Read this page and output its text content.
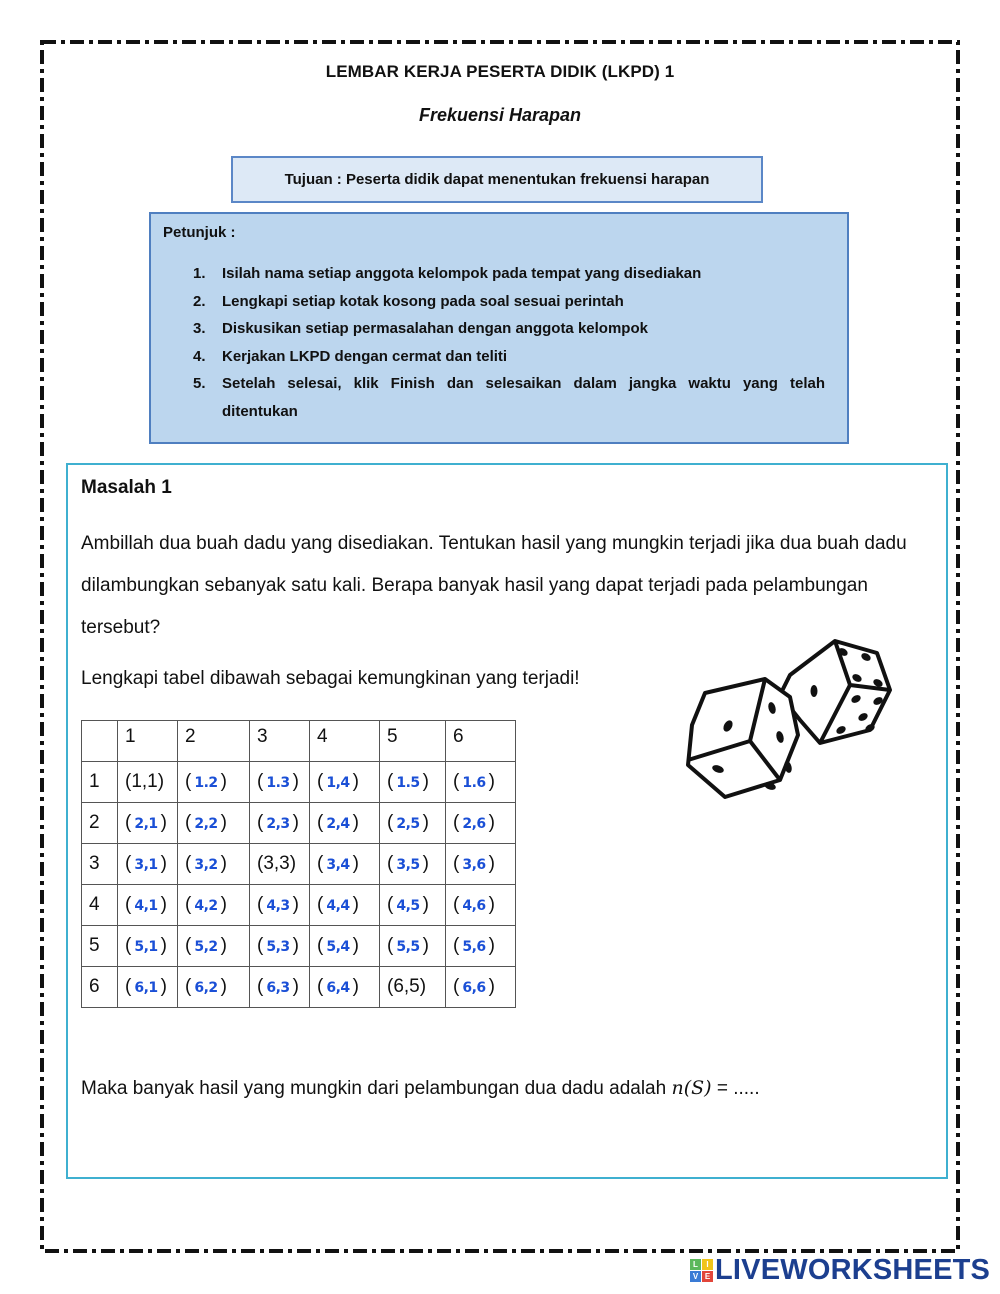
LEMBAR KERJA PESERTA DIDIK (LKPD) 1
Frekuensi Harapan
Tujuan : Peserta didik dapat menentukan frekuensi harapan
Petunjuk :
1. Isilah nama setiap anggota kelompok pada tempat yang disediakan
2. Lengkapi setiap kotak kosong pada soal sesuai perintah
3. Diskusikan setiap permasalahan dengan anggota kelompok
4. Kerjakan LKPD dengan cermat dan teliti
5. Setelah selesai, klik Finish dan selesaikan dalam jangka waktu yang telah ditentukan
Masalah 1
Ambillah dua buah dadu yang disediakan. Tentukan hasil yang mungkin terjadi jika dua buah dadu dilambungkan sebanyak satu kali. Berapa banyak hasil yang dapat terjadi pada pelambungan tersebut?
Lengkapi tabel dibawah sebagai kemungkinan yang terjadi!
	1	2	3	4	5	6
1	(1,1)	( 1.2 )	( 1.3 )	( 1,4 )	( 1.5 )	( 1.6 )
2	( 2,1 )	( 2,2 )	( 2,3 )	( 2,4 )	( 2,5 )	( 2,6 )
3	( 3,1 )	( 3,2 )	(3,3)	( 3,4 )	( 3,5 )	( 3,6 )
4	( 4,1 )	( 4,2 )	( 4,3 )	( 4,4 )	( 4,5 )	( 4,6 )
5	( 5,1 )	( 5,2 )	( 5,3 )	( 5,4 )	( 5,5 )	( 5,6 )
6	( 6,1 )	( 6,2 )	( 6,3 )	( 6,4 )	(6,5)	( 6,6 )
Maka banyak hasil yang mungkin dari pelambungan dua dadu adalah n(S) = .....
L	I
V E LIVEWORKSHEETS
